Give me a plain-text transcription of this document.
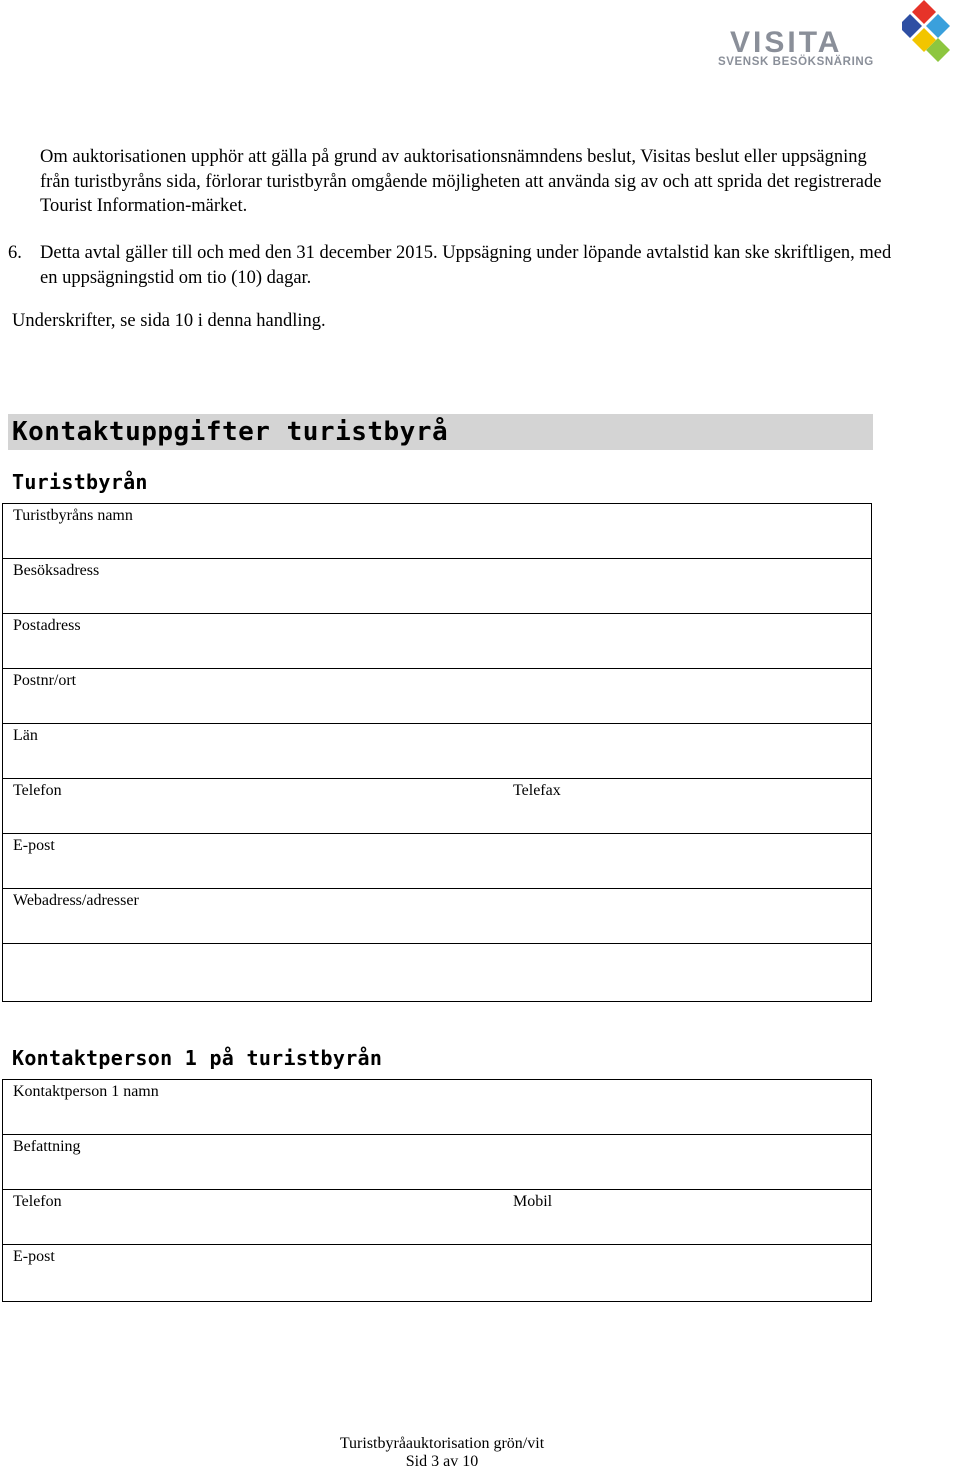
VISITA
SVENSK BESÖKSNÄRING

Om auktorisationen upphör att gälla på grund av auktorisationsnämndens beslut, Visitas beslut eller uppsägning från turistbyråns sida, förlorar turistbyrån omgående möjligheten att använda sig av och att sprida det registrerade Tourist Information-märket.

6. Detta avtal gäller till och med den 31 december 2015. Uppsägning under löpande avtalstid kan ske skriftligen, med en uppsägningstid om tio (10) dagar.

Underskrifter, se sida 10 i denna handling.

Kontaktuppgifter turistbyrå
Turistbyrån
Turistbyråns namn
Besöksadress
Postadress
Postnr/ort
Län
Telefon	Telefax
E-post
Webadress/adresser
Kontaktperson 1 på turistbyrån
Kontaktperson 1 namn
Befattning
Telefon	Mobil
E-post
Turistbyråauktorisation grön/vit
Sid 3 av 10
